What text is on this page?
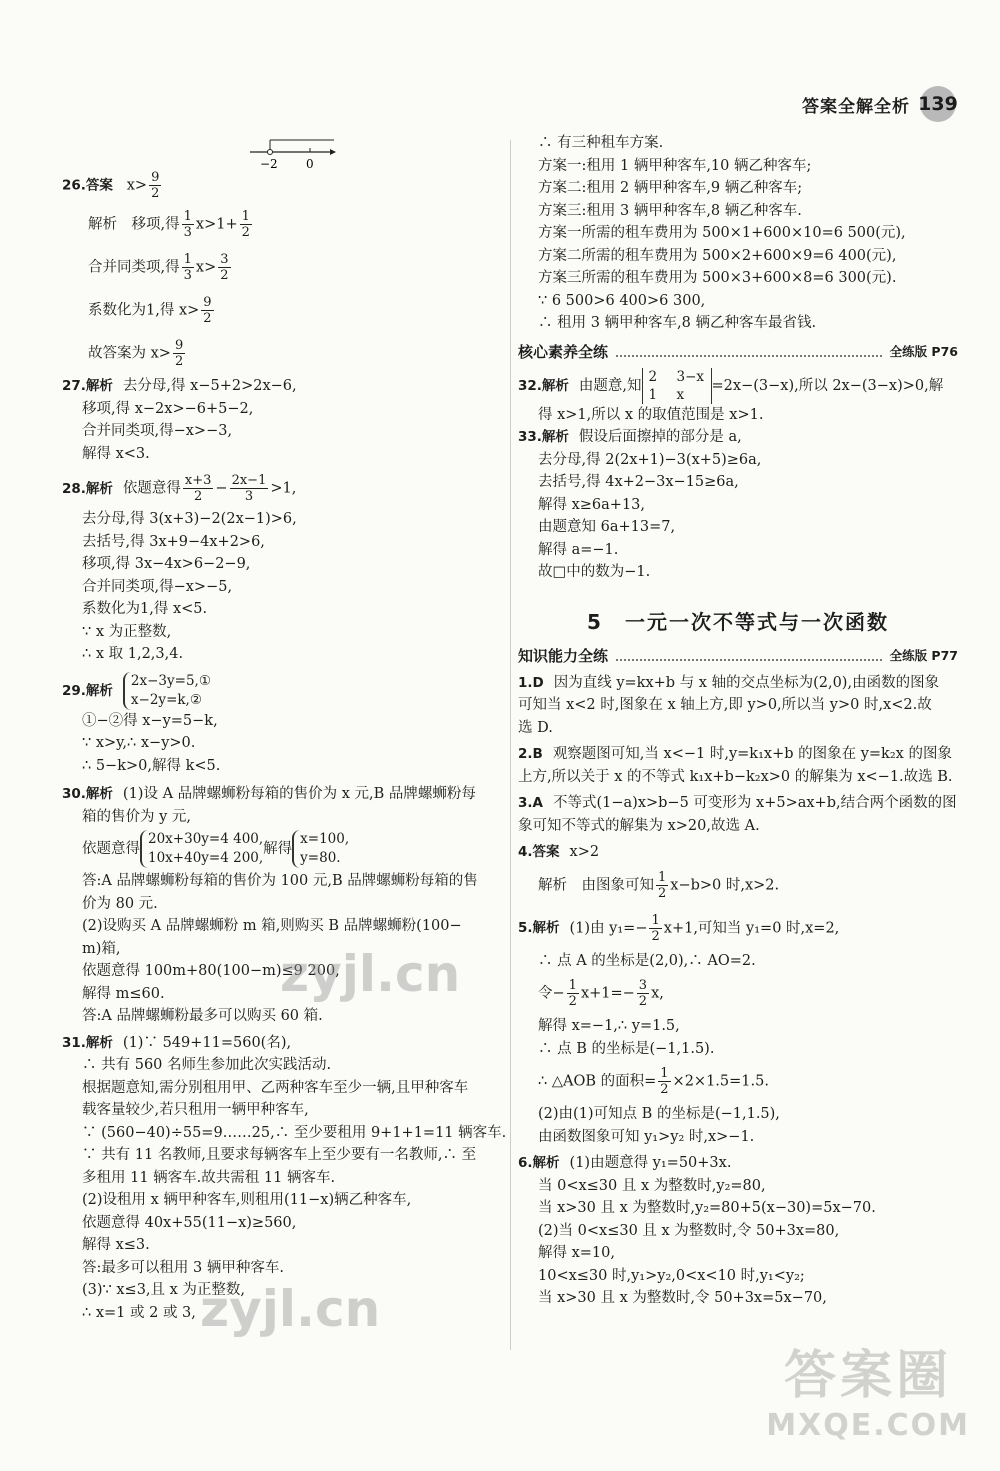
答案全解全析 139
−2 0
26.答案 $x> \frac{9}{2}$
解析　移项,得 $\frac{1}{3} x>1+ \frac{1}{2}$
合并同类项,得 $\frac{1}{3} x> \frac{3}{2}$
系数化为1,得 $x> \frac{9}{2}$
故答案为 $x> \frac{9}{2}$
27.解析 去分母,得 x−5+2>2x−6,
移项,得 x−2x>−6+5−2,
合并同类项,得−x>−3,
解得 x<3.
28.解析 依题意得 $\frac{x+3}{2} - \frac{2x-1}{3} >1$,
去分母,得 3(x+3)−2(2x−1)>6,
去括号,得 3x+9−4x+2>6,
移项,得 3x−4x>6−2−9,
合并同类项,得−x>−5,
系数化为1,得 x<5.
∵ x 为正整数,
∴ x 取 1,2,3,4.
29.解析2x−3y=5,①
x−2y=k,②
①−②得 x−y=5−k,
∵ x>y,∴ x−y>0.
∴ 5−k>0,解得 k<5.
30.解析 (1)设 A 品牌螺蛳粉每箱的售价为 x 元,B 品牌螺蛳粉每
箱的售价为 y 元,
依题意得20x+30y=4 400,
10x+40y=4 200,解得x=100,
y=80.
答:A 品牌螺蛳粉每箱的售价为 100 元,B 品牌螺蛳粉每箱的售
价为 80 元.
(2)设购买 A 品牌螺蛳粉 m 箱,则购买 B 品牌螺蛳粉(100−
m)箱,
依题意得 100m+80(100−m)≤9 200,
解得 m≤60.
答:A 品牌螺蛳粉最多可以购买 60 箱.
31.解析 (1)∵ 549+11=560(名),
∴ 共有 560 名师生参加此次实践活动.
根据题意知,需分别租用甲、乙两种客车至少一辆,且甲种客车
载客量较少,若只租用一辆甲种客车,
∵ (560−40)÷55=9……25,∴ 至少要租用 9+1+1=11 辆客车.
∵ 共有 11 名教师,且要求每辆客车上至少要有一名教师,∴ 至
多租用 11 辆客车.故共需租 11 辆客车.
(2)设租用 x 辆甲种客车,则租用(11−x)辆乙种客车,
依题意得 40x+55(11−x)≥560,
解得 x≤3.
答:最多可以租用 3 辆甲种客车.
(3)∵ x≤3,且 x 为正整数,
∴ x=1 或 2 或 3,
∴ 有三种租车方案.
方案一:租用 1 辆甲种客车,10 辆乙种客车;
方案二:租用 2 辆甲种客车,9 辆乙种客车;
方案三:租用 3 辆甲种客车,8 辆乙种客车.
方案一所需的租车费用为 500×1+600×10=6 500(元),
方案二所需的租车费用为 500×2+600×9=6 400(元),
方案三所需的租车费用为 500×3+600×8=6 300(元).
∵ 6 500>6 400>6 300,
∴ 租用 3 辆甲种客车,8 辆乙种客车最省钱.
核心素养全练	全练版 P76
32.解析 由题意,知2 3−x
1 x=2x−(3−x),所以 2x−(3−x)>0,解
得 x>1,所以 x 的取值范围是 x>1.
33.解析 假设后面擦掉的部分是 a,
去分母,得 2(2x+1)−3(x+5)≥6a,
去括号,得 4x+2−3x−15≥6a,
解得 x≥6a+13,
由题意知 6a+13=7,
解得 a=−1.
故□中的数为−1.
5　一元一次不等式与一次函数
知识能力全练	全练版 P77
1.D 因为直线 y=kx+b 与 x 轴的交点坐标为(2,0),由函数的图象
可知当 x<2 时,图象在 x 轴上方,即 y>0,所以当 y>0 时,x<2.故
选 D.
2.B 观察题图可知,当 x<−1 时,y=k₁x+b 的图象在 y=k₂x 的图象
上方,所以关于 x 的不等式 k₁x+b−k₂x>0 的解集为 x<−1.故选 B.
3.A 不等式(1−a)x>b−5 可变形为 x+5>ax+b,结合两个函数的图
象可知不等式的解集为 x>20,故选 A.
4.答案 x>2
解析　由图象可知 $\frac{1}{2} x-b>0$ 时,x>2.
5.解析 (1)由 $y_1=- \frac{1}{2} x+1$,可知当 y₁=0 时,x=2,
∴ 点 A 的坐标是(2,0),∴ AO=2.
令− $\frac{1}{2} x+1=- \frac{3}{2} x$,
解得 x=−1,∴ y=1.5,
∴ 点 B 的坐标是(−1,1.5).
∴ △AOB 的面积= $\frac{1}{2} \times 2\times 1.5=1.5$.
(2)由(1)可知点 B 的坐标是(−1,1.5),
由函数图象可知 y₁>y₂ 时,x>−1.
6.解析 (1)由题意得 y₁=50+3x.
当 0<x≤30 且 x 为整数时,y₂=80,
当 x>30 且 x 为整数时,y₂=80+5(x−30)=5x−70.
(2)当 0<x≤30 且 x 为整数时,令 50+3x=80,
解得 x=10,
10<x≤30 时,y₁>y₂,0<x<10 时,y₁<y₂;
当 x>30 且 x 为整数时,令 50+3x=5x−70,
zyjl.cn
zyjl.cn
答案圈
MXQE.COM
